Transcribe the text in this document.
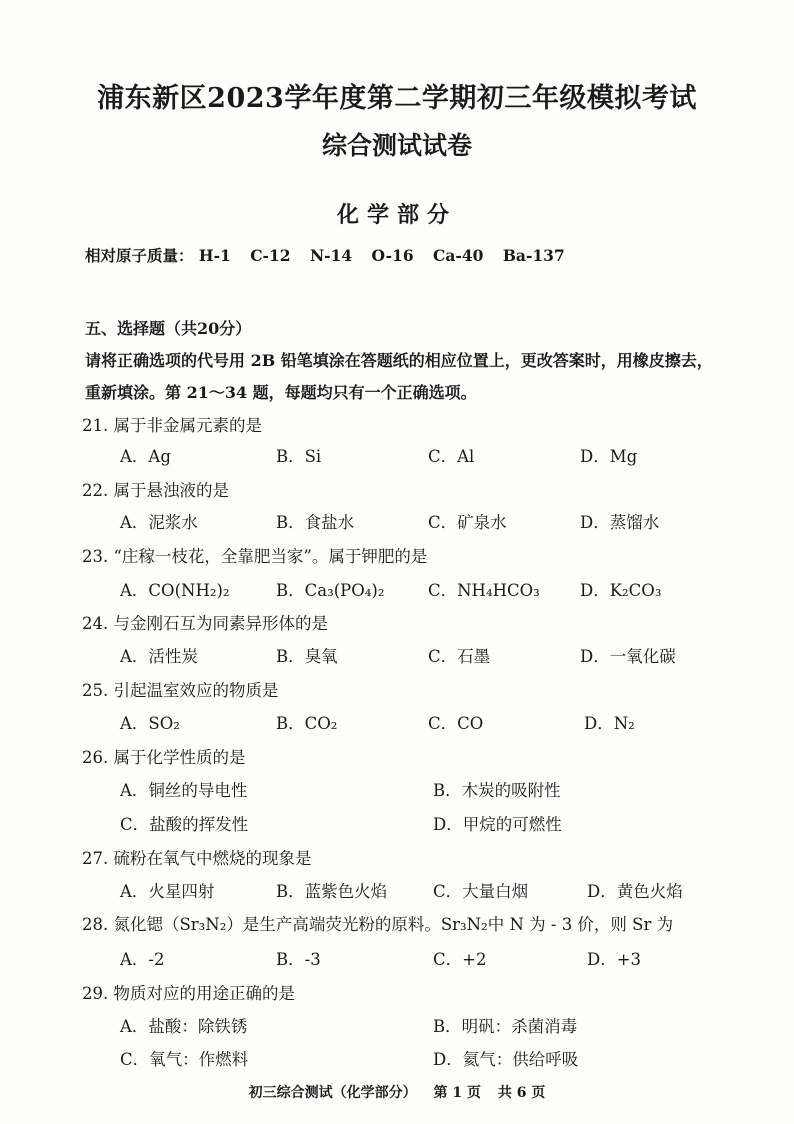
浦东新区2023学年度第二学期初三年级模拟考试
综合测试试卷
化学部分
相对原子质量： H-1 C-12 N-14 O-16 Ca-40 Ba-137
五、选择题（共20分）
请将正确选项的代号用 2B 铅笔填涂在答题纸的相应位置上，更改答案时，用橡皮擦去，
重新填涂。第 21～34 题，每题均只有一个正确选项。
21. 属于非金属元素的是
A．Ag	B．Si	C．Al	D．Mg
22. 属于悬浊液的是
A．泥浆水	B．食盐水	C．矿泉水	D．蒸馏水
23. “庄稼一枝花，全靠肥当家”。属于钾肥的是
A．CO(NH₂)₂	B．Ca₃(PO₄)₂	C．NH₄HCO₃ D．K₂CO₃
24. 与金刚石互为同素异形体的是
A．活性炭	B．臭氧	C．石墨	D．一氧化碳
25. 引起温室效应的物质是
A．SO₂	B．CO₂	C．CO	D．N₂
26. 属于化学性质的是
A．铜丝的导电性	B．木炭的吸附性
C．盐酸的挥发性	D．甲烷的可燃性
27. 硫粉在氧气中燃烧的现象是
A．火星四射	B．蓝紫色火焰	C．大量白烟	D．黄色火焰
28. 氮化锶（Sr₃N₂）是生产高端荧光粉的原料。Sr₃N₂中 N 为 - 3 价，则 Sr 为
A．-2	B．-3	C．+2	D．+3
29. 物质对应的用途正确的是
A．盐酸：除铁锈	B．明矾：杀菌消毒
C．氧气：作燃料	D．氦气：供给呼吸
初三综合测试（化学部分） 第 1 页 共 6 页
